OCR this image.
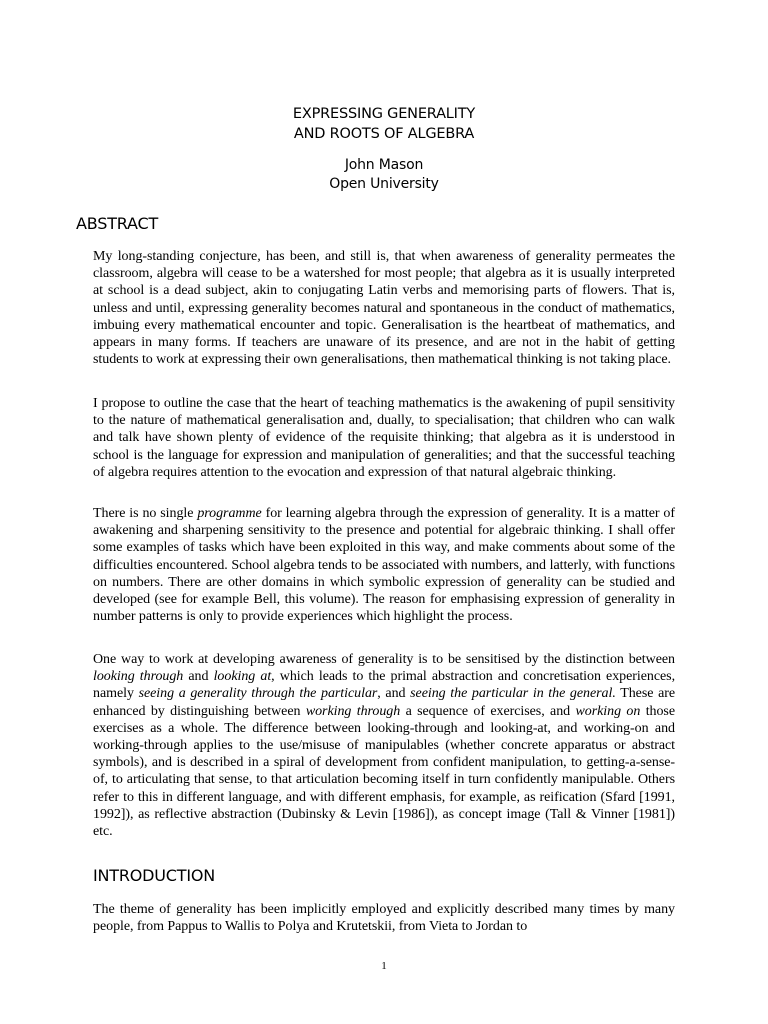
EXPRESSING GENERALITY
AND ROOTS OF ALGEBRA
John Mason
Open University
ABSTRACT

My long-standing conjecture, has been, and still is, that when awareness of generality permeates the classroom, algebra will cease to be a watershed for most people; that algebra as it is usually interpreted at school is a dead subject, akin to conjugating Latin verbs and memorising parts of flowers. That is, unless and until, expressing generality becomes natural and spontaneous in the conduct of mathematics, imbuing every mathematical encounter and topic. Generalisation is the heartbeat of mathematics, and appears in many forms. If teachers are unaware of its presence, and are not in the habit of getting students to work at expressing their own generalisations, then mathematical thinking is not taking place.

I propose to outline the case that the heart of teaching mathematics is the awakening of pupil sensitivity to the nature of mathematical generalisation and, dually, to specialisation; that children who can walk and talk have shown plenty of evidence of the requisite thinking; that algebra as it is understood in school is the language for expression and manipulation of generalities; and that the successful teaching of algebra requires attention to the evocation and expression of that natural algebraic thinking.

There is no single programme for learning algebra through the expression of generality. It is a matter of awakening and sharpening sensitivity to the presence and potential for algebraic thinking. I shall offer some examples of tasks which have been exploited in this way, and make comments about some of the difficulties encountered. School algebra tends to be associated with numbers, and latterly, with functions on numbers. There are other domains in which symbolic expression of generality can be studied and developed (see for example Bell, this volume). The reason for emphasising expression of generality in number patterns is only to provide experiences which highlight the process.

One way to work at developing awareness of generality is to be sensitised by the distinction between looking through and looking at, which leads to the primal abstraction and concretisation experiences, namely seeing a generality through the particular, and seeing the particular in the general. These are enhanced by distinguishing between working through a sequence of exercises, and working on those exercises as a whole. The difference between looking-through and looking-at, and working-on and working-through applies to the use/misuse of manipulables (whether concrete apparatus or abstract symbols), and is described in a spiral of development from confident manipulation, to getting-a-sense-of, to articulating that sense, to that articulation becoming itself in turn confidently manipulable. Others refer to this in different language, and with different emphasis, for example, as reification (Sfard [1991, 1992]), as reflective abstraction (Dubinsky & Levin [1986]), as concept image (Tall & Vinner [1981]) etc.

INTRODUCTION

The theme of generality has been implicitly employed and explicitly described many times by many people, from Pappus to Wallis to Polya and Krutetskii, from Vieta to Jordan to

1
